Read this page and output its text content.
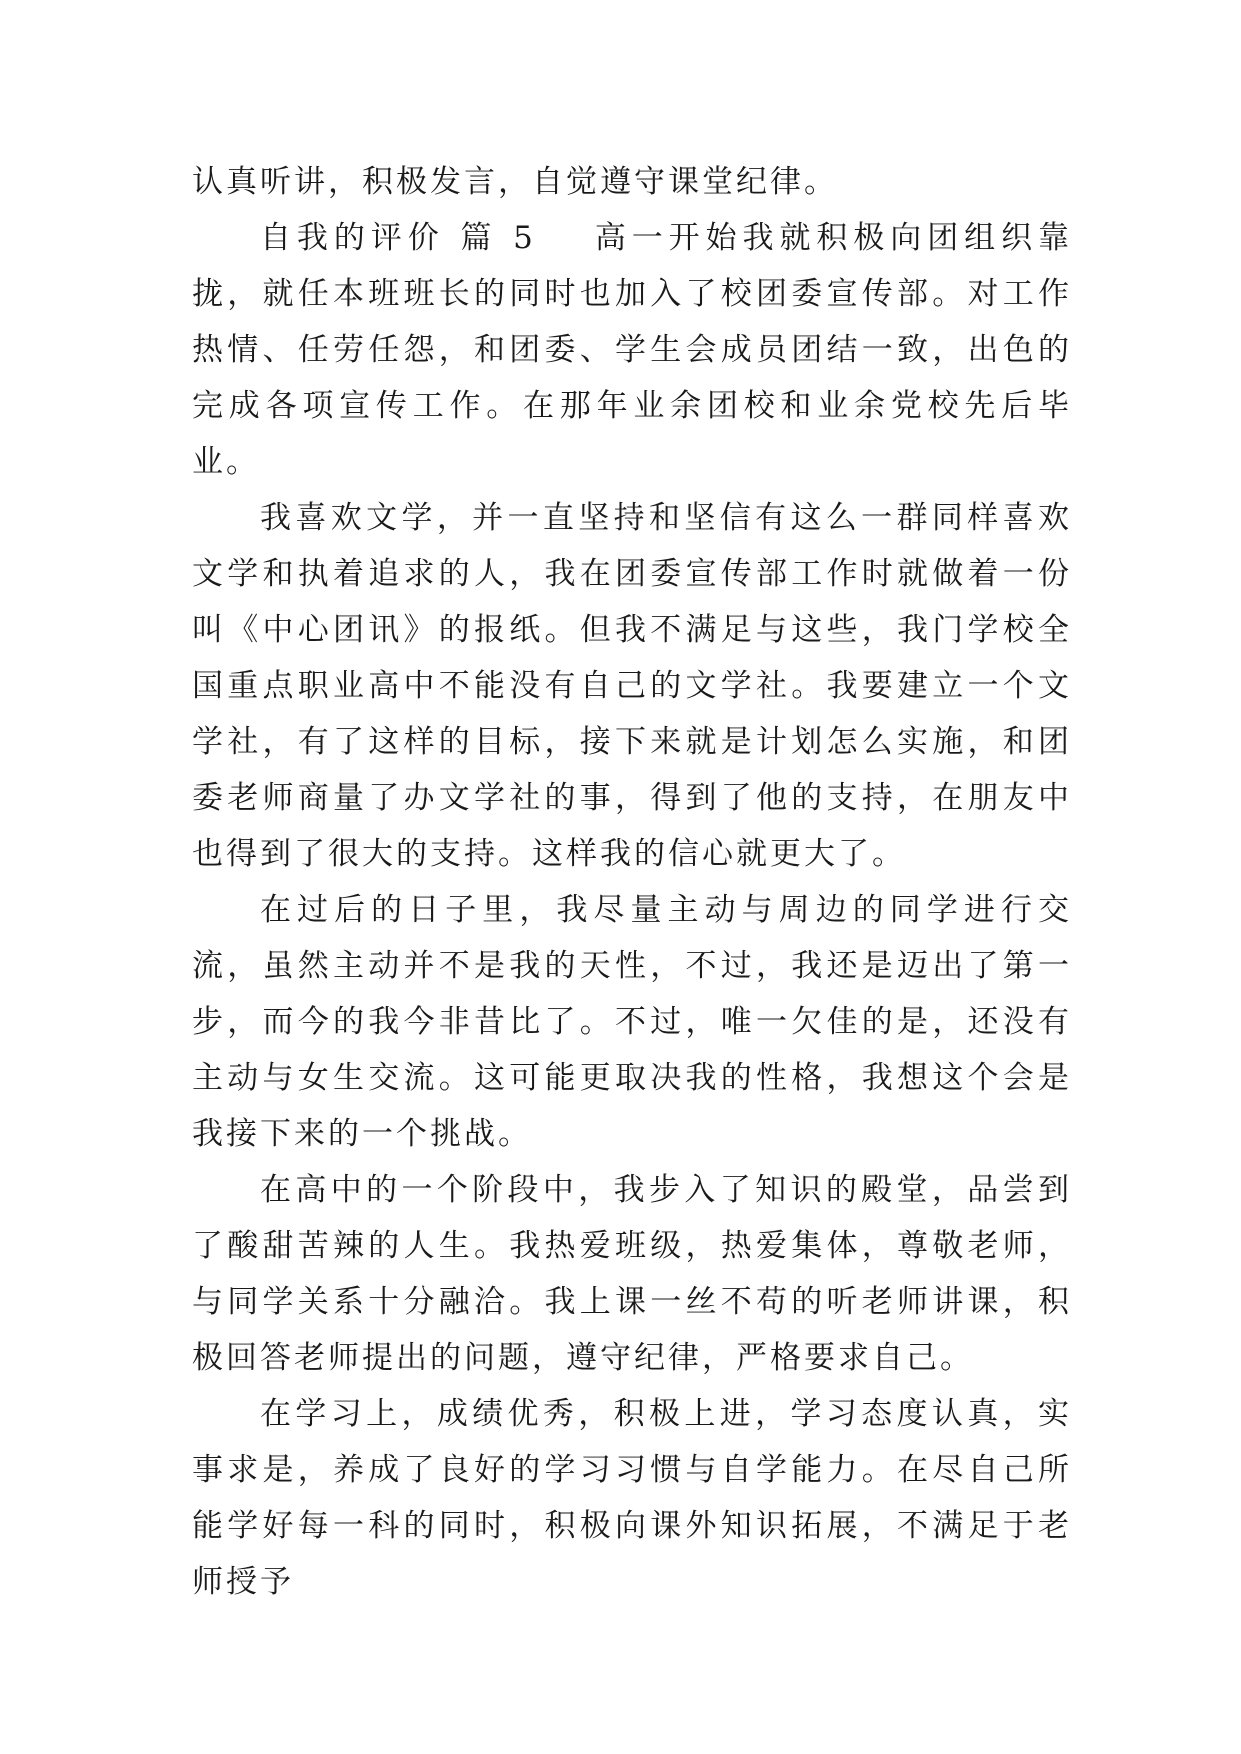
认真听讲，积极发言，自觉遵守课堂纪律。

自我的评价 篇 5 高一开始我就积极向团组织靠拢，就任本班班长的同时也加入了校团委宣传部。对工作热情、任劳任怨，和团委、学生会成员团结一致，出色的完成各项宣传工作。在那年业余团校和业余党校先后毕业。

我喜欢文学，并一直坚持和坚信有这么一群同样喜欢文学和执着追求的人，我在团委宣传部工作时就做着一份叫《中心团讯》的报纸。但我不满足与这些，我门学校全国重点职业高中不能没有自己的文学社。我要建立一个文学社，有了这样的目标，接下来就是计划怎么实施，和团委老师商量了办文学社的事，得到了他的支持，在朋友中也得到了很大的支持。这样我的信心就更大了。

在过后的日子里，我尽量主动与周边的同学进行交流，虽然主动并不是我的天性，不过，我还是迈出了第一步，而今的我今非昔比了。不过，唯一欠佳的是，还没有主动与女生交流。这可能更取决我的性格，我想这个会是我接下来的一个挑战。

在高中的一个阶段中，我步入了知识的殿堂，品尝到了酸甜苦辣的人生。我热爱班级，热爱集体，尊敬老师，与同学关系十分融洽。我上课一丝不苟的听老师讲课，积极回答老师提出的问题，遵守纪律，严格要求自己。

在学习上，成绩优秀，积极上进，学习态度认真，实事求是，养成了良好的学习习惯与自学能力。在尽自己所能学好每一科的同时，积极向课外知识拓展，不满足于老师授予
